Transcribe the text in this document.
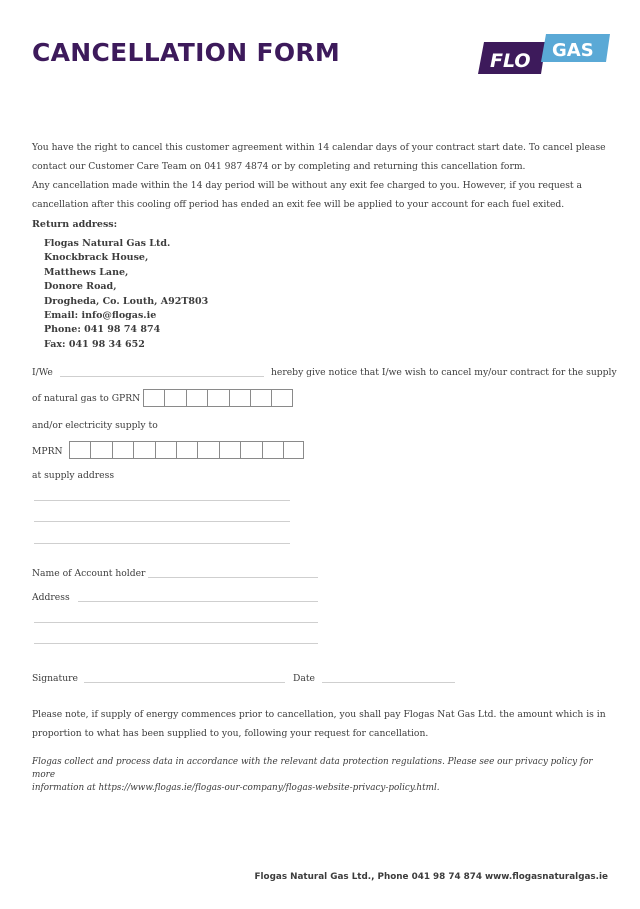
CANCELLATION FORM	FLO GAS
You have the right to cancel this customer agreement within 14 calendar days of your contract start date. To cancel please
contact our Customer Care Team on 041 987 4874 or by completing and returning this cancellation form.
Any cancellation made within the 14 day period will be without any exit fee charged to you. However, if you request a
cancellation after this cooling off period has ended an exit fee will be applied to your account for each fuel exited.
Return address:
Flogas Natural Gas Ltd.
Knockbrack House,
Matthews Lane,
Donore Road,
Drogheda, Co. Louth, A92T803
Email: info@flogas.ie
Phone: 041 98 74 874
Fax: 041 98 34 652
I/We	hereby give notice that I/we wish to cancel my/our contract for the supply
of natural gas to GPRN
and/or electricity supply to
MPRN
at supply address
Name of Account holder
Address
Signature	Date
Please note, if supply of energy commences prior to cancellation, you shall pay Flogas Nat Gas Ltd. the amount which is in
proportion to what has been supplied to you, following your request for cancellation.
Flogas collect and process data in accordance with the relevant data protection regulations. Please see our privacy policy for more
information at https://www.flogas.ie/flogas-our-company/flogas-website-privacy-policy.html.
Flogas Natural Gas Ltd., Phone 041 98 74 874 www.flogasnaturalgas.ie
